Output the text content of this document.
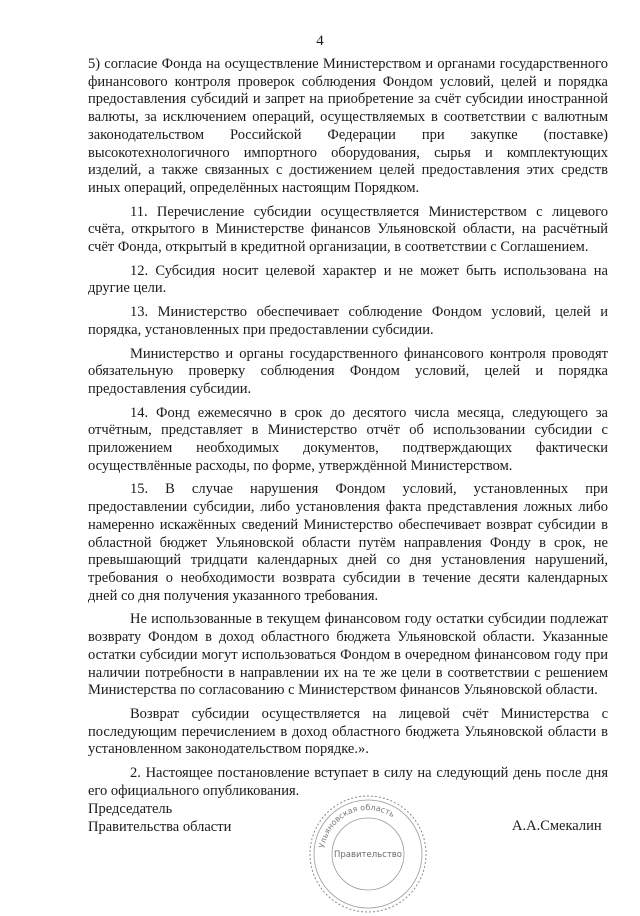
4

5) согласие Фонда на осуществление Министерством и органами государственного финансового контроля проверок соблюдения Фондом условий, целей и порядка предоставления субсидий и запрет на приобретение за счёт субсидии иностранной валюты, за исключением операций, осуществляемых в соответствии с валютным законодательством Российской Федерации при закупке (поставке) высокотехнологичного импортного оборудования, сырья и комплектующих изделий, а также связанных с достижением целей предоставления этих средств иных операций, определённых настоящим Порядком.

11. Перечисление субсидии осуществляется Министерством с лицевого счёта, открытого в Министерстве финансов Ульяновской области, на расчётный счёт Фонда, открытый в кредитной организации, в соответствии с Соглашением.

12. Субсидия носит целевой характер и не может быть использована на другие цели.

13. Министерство обеспечивает соблюдение Фондом условий, целей и порядка, установленных при предоставлении субсидии.

Министерство и органы государственного финансового контроля проводят обязательную проверку соблюдения Фондом условий, целей и порядка предоставления субсидии.

14. Фонд ежемесячно в срок до десятого числа месяца, следующего за отчётным, представляет в Министерство отчёт об использовании субсидии с приложением необходимых документов, подтверждающих фактически осуществлённые расходы, по форме, утверждённой Министерством.

15. В случае нарушения Фондом условий, установленных при предоставлении субсидии, либо установления факта представления ложных либо намеренно искажённых сведений Министерство обеспечивает возврат субсидии в областной бюджет Ульяновской области путём направления Фонду в срок, не превышающий тридцати календарных дней со дня установления нарушений, требования о необходимости возврата субсидии в течение десяти календарных дней со дня получения указанного требования.

Не использованные в текущем финансовом году остатки субсидии подлежат возврату Фондом в доход областного бюджета Ульяновской области. Указанные остатки субсидии могут использоваться Фондом в очередном финансовом году при наличии потребности в направлении их на те же цели в соответствии с решением Министерства по согласованию с Министерством финансов Ульяновской области.

Возврат субсидии осуществляется на лицевой счёт Министерства с последующим перечислением в доход областного бюджета Ульяновской области в установленном законодательством порядке.».

2. Настоящее постановление вступает в силу на следующий день после дня его официального опубликования.

Председатель
Правительства области
Ульяновская область
Правительство
А.А.Смекалин
